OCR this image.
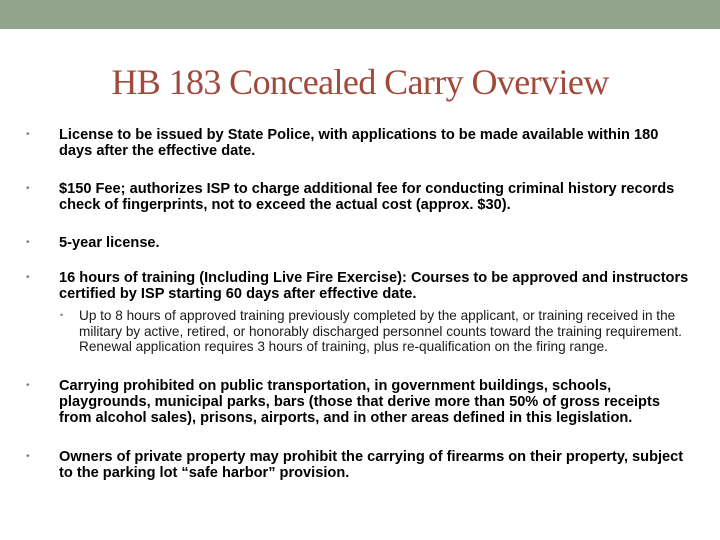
HB 183 Concealed Carry Overview

•	License to be issued by State Police, with applications to be made available within 180 days after the effective date.

•	$150 Fee; authorizes ISP to charge additional fee for conducting criminal history records check of fingerprints, not to exceed the actual cost (approx. $30).

•	5-year license.

•	16 hours of training (Including Live Fire Exercise): Courses to be approved and instructors certified by ISP starting 60 days after effective date.

•	Up to 8 hours of approved training previously completed by the applicant, or training received in the military by active, retired, or honorably discharged personnel counts toward the training requirement. Renewal application requires 3 hours of training, plus re-qualification on the firing range.

•	Carrying prohibited on public transportation, in government buildings, schools, playgrounds, municipal parks, bars (those that derive more than 50% of gross receipts from alcohol sales), prisons, airports, and in other areas defined in this legislation.

•	Owners of private property may prohibit the carrying of firearms on their property, subject to the parking lot “safe harbor” provision.
